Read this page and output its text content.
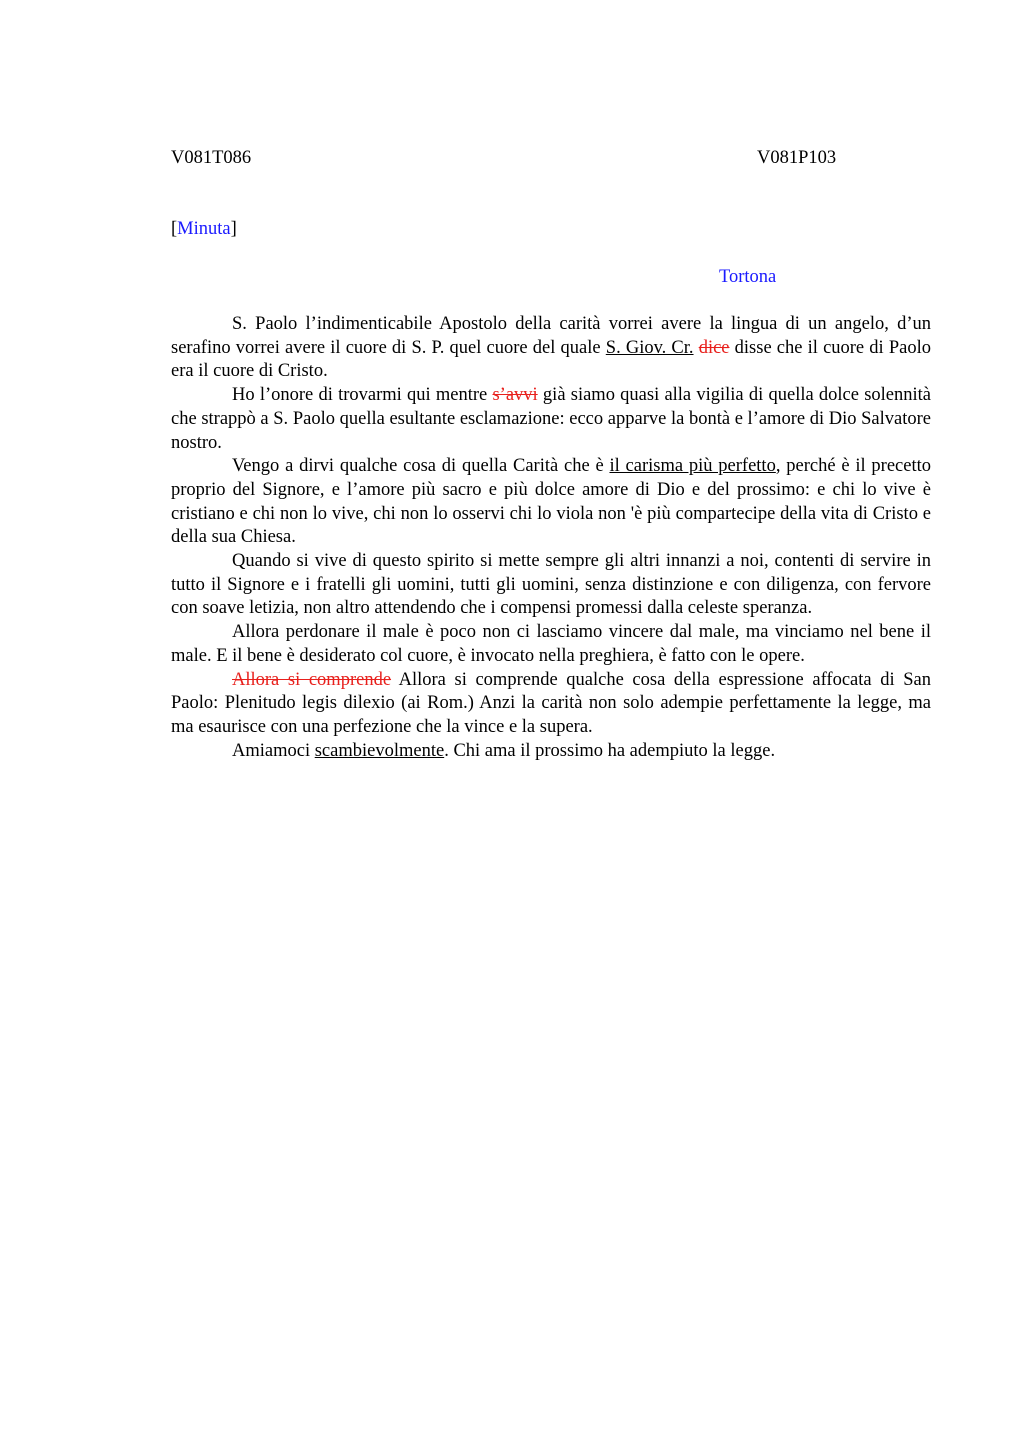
V081T086	V081P103
[Minuta]
Tortona

S. Paolo l’indimenticabile Apostolo della carità vorrei avere la lingua di un angelo, d’un serafino vorrei avere il cuore di S. P. quel cuore del quale S. Giov. Cr. dice disse che il cuore di Paolo era il cuore di Cristo.

Ho l’onore di trovarmi qui mentre s’avvi già siamo quasi alla vigilia di quella dolce solennità che strappò a S. Paolo quella esultante esclamazione: ecco apparve la bontà e l’amore di Dio Salvatore nostro.

Vengo a dirvi qualche cosa di quella Carità che è il carisma più perfetto, perché è il precetto proprio del Signore, e l’amore più sacro e più dolce amore di Dio e del prossimo: e chi lo vive è cristiano e chi non lo vive, chi non lo osservi chi lo viola non 'è più compartecipe della vita di Cristo e della sua Chiesa.

Quando si vive di questo spirito si mette sempre gli altri innanzi a noi, contenti di servire in tutto il Signore e i fratelli gli uomini, tutti gli uomini, senza distinzione e con diligenza, con fervore con soave letizia, non altro attendendo che i compensi promessi dalla celeste speranza.

Allora perdonare il male è poco non ci lasciamo vincere dal male, ma vinciamo nel bene il male. E il bene è desiderato col cuore, è invocato nella preghiera, è fatto con le opere.

Allora si comprende Allora si comprende qualche cosa della espressione affocata di San Paolo: Plenitudo legis dilexio (ai Rom.) Anzi la carità non solo adempie perfettamente la legge, ma ma esaurisce con una perfezione che la vince e la supera.

Amiamoci scambievolmente. Chi ama il prossimo ha adempiuto la legge.
